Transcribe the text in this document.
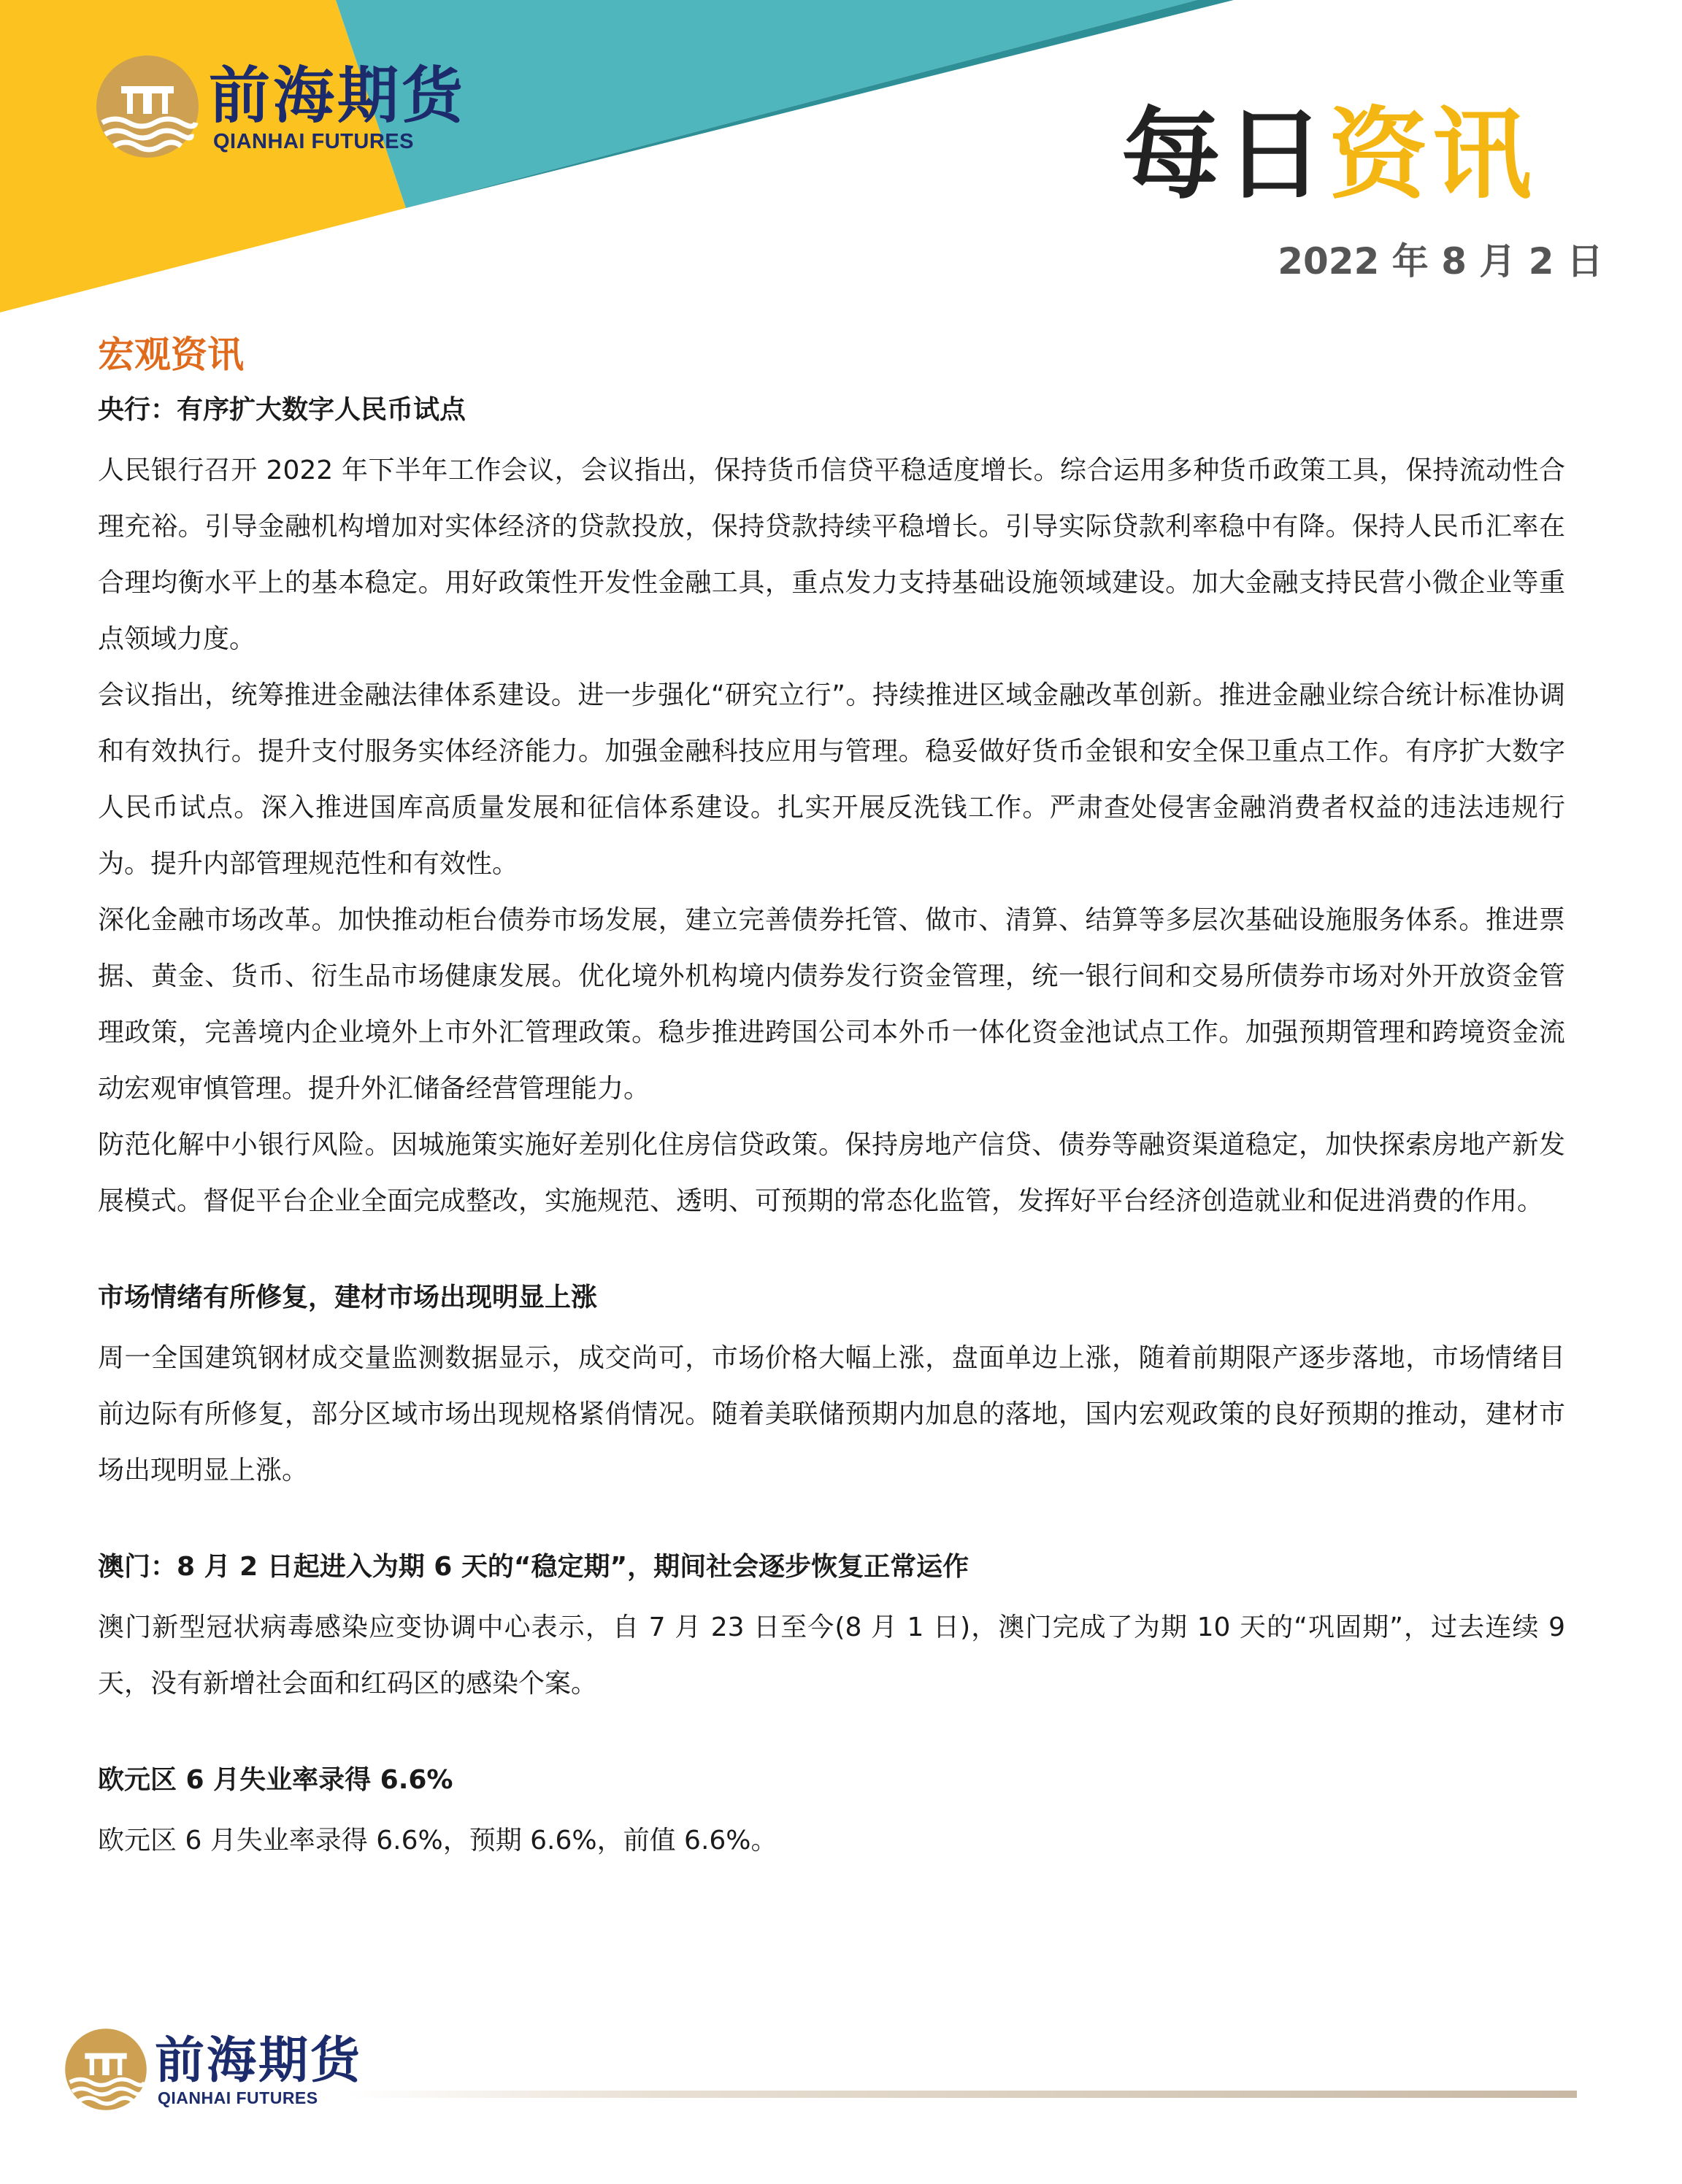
前海期货
QIANHAI FUTURES	每日资讯
2022 年 8 月 2 日
宏观资讯
央行：有序扩大数字人民币试点

人民银行召开 2022 年下半年工作会议，会议指出，保持货币信贷平稳适度增长。综合运用多种货币政策工具，保持流动性合理充裕。引导金融机构增加对实体经济的贷款投放，保持贷款持续平稳增长。引导实际贷款利率稳中有降。保持人民币汇率在合理均衡水平上的基本稳定。用好政策性开发性金融工具，重点发力支持基础设施领域建设。加大金融支持民营小微企业等重点领域力度。

会议指出，统筹推进金融法律体系建设。进一步强化“研究立行”。持续推进区域金融改革创新。推进金融业综合统计标准协调和有效执行。提升支付服务实体经济能力。加强金融科技应用与管理。稳妥做好货币金银和安全保卫重点工作。有序扩大数字人民币试点。深入推进国库高质量发展和征信体系建设。扎实开展反洗钱工作。严肃查处侵害金融消费者权益的违法违规行为。提升内部管理规范性和有效性。

深化金融市场改革。加快推动柜台债券市场发展，建立完善债券托管、做市、清算、结算等多层次基础设施服务体系。推进票据、黄金、货币、衍生品市场健康发展。优化境外机构境内债券发行资金管理，统一银行间和交易所债券市场对外开放资金管理政策，完善境内企业境外上市外汇管理政策。稳步推进跨国公司本外币一体化资金池试点工作。加强预期管理和跨境资金流动宏观审慎管理。提升外汇储备经营管理能力。

防范化解中小银行风险。因城施策实施好差别化住房信贷政策。保持房地产信贷、债券等融资渠道稳定，加快探索房地产新发展模式。督促平台企业全面完成整改，实施规范、透明、可预期的常态化监管，发挥好平台经济创造就业和促进消费的作用。

市场情绪有所修复，建材市场出现明显上涨

周一全国建筑钢材成交量监测数据显示，成交尚可，市场价格大幅上涨，盘面单边上涨，随着前期限产逐步落地，市场情绪目前边际有所修复，部分区域市场出现规格紧俏情况。随着美联储预期内加息的落地，国内宏观政策的良好预期的推动，建材市场出现明显上涨。

澳门：8 月 2 日起进入为期 6 天的“稳定期”，期间社会逐步恢复正常运作

澳门新型冠状病毒感染应变协调中心表示，自 7 月 23 日至今(8 月 1 日)，澳门完成了为期 10 天的“巩固期”，过去连续 9 天，没有新增社会面和红码区的感染个案。

欧元区 6 月失业率录得 6.6%

欧元区 6 月失业率录得 6.6%，预期 6.6%，前值 6.6%。

前海期货
QIANHAI FUTURES
